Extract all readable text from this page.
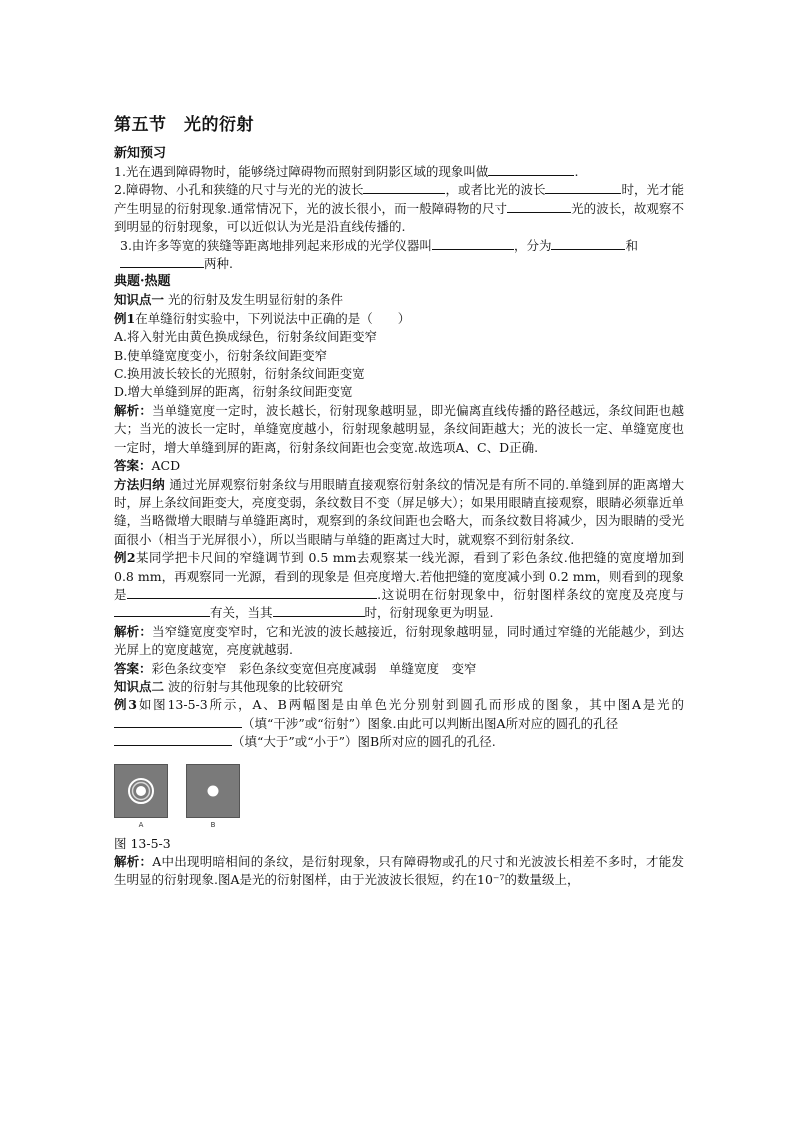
第五节　光的衍射
新知预习

1.光在遇到障碍物时，能够绕过障碍物而照射到阴影区域的现象叫做	.

2.障碍物、小孔和狭缝的尺寸与光的光的波长	，或者比光的波长	时，光才能产生明显的衍射现象.通常情况下，光的波长很小，而一般障碍物的尺寸	光的波长，故观察不到明显的衍射现象，可以近似认为光是沿直线传播的.

3.由许多等宽的狭缝等距离地排列起来形成的光学仪器叫	，分为	和
两种.

典题·热题

知识点一 光的衍射及发生明显衍射的条件

例1在单缝衍射实验中，下列说法中正确的是（　　）

A.将入射光由黄色换成绿色，衍射条纹间距变窄

B.使单缝宽度变小，衍射条纹间距变窄

C.换用波长较长的光照射，衍射条纹间距变宽

D.增大单缝到屏的距离，衍射条纹间距变宽

解析：当单缝宽度一定时，波长越长，衍射现象越明显，即光偏离直线传播的路径越远，条纹间距也越大；当光的波长一定时，单缝宽度越小，衍射现象越明显，条纹间距越大；光的波长一定、单缝宽度也一定时，增大单缝到屏的距离，衍射条纹间距也会变宽.故选项A、C、D正确.

答案：ACD

方法归纳 通过光屏观察衍射条纹与用眼睛直接观察衍射条纹的情况是有所不同的.单缝到屏的距离增大时，屏上条纹间距变大，亮度变弱，条纹数目不变（屏足够大）；如果用眼睛直接观察，眼睛必须靠近单缝，当略微增大眼睛与单缝距离时，观察到的条纹间距也会略大，而条纹数目将减少，因为眼睛的受光面很小（相当于光屏很小），所以当眼睛与单缝的距离过大时，就观察不到衍射条纹.

例2某同学把卡尺间的窄缝调节到 0.5 mm去观察某一线光源，看到了彩色条纹.他把缝的宽度增加到 0.8 mm，再观察同一光源，看到的现象是 但亮度增大.若他把缝的宽度减小到 0.2 mm，则看到的现象是	.这说明在衍射现象中，衍射图样条纹的宽度及亮度与有关，当其	时，衍射现象更为明显.

解析：当窄缝宽度变窄时，它和光波的波长越接近，衍射现象越明显，同时通过窄缝的光能越少，到达光屏上的宽度越宽，亮度就越弱.

答案：彩色条纹变窄　彩色条纹变宽但亮度减弱　单缝宽度　变窄

知识点二 波的衍射与其他现象的比较研究

例3如图13-5-3所示，A、B两幅图是由单色光分别射到圆孔而形成的图象，其中图A是光的（填“干涉”或“衍射”）图象.由此可以判断出图A所对应的圆孔的孔径
（填“大于”或“小于”）图B所对应的圆孔的孔径.

A	B

图 13-5-3

解析：A中出现明暗相间的条纹，是衍射现象，只有障碍物或孔的尺寸和光波波长相差不多时，才能发生明显的衍射现象.图A是光的衍射图样，由于光波波长很短，约在10⁻⁷的数量级上，
